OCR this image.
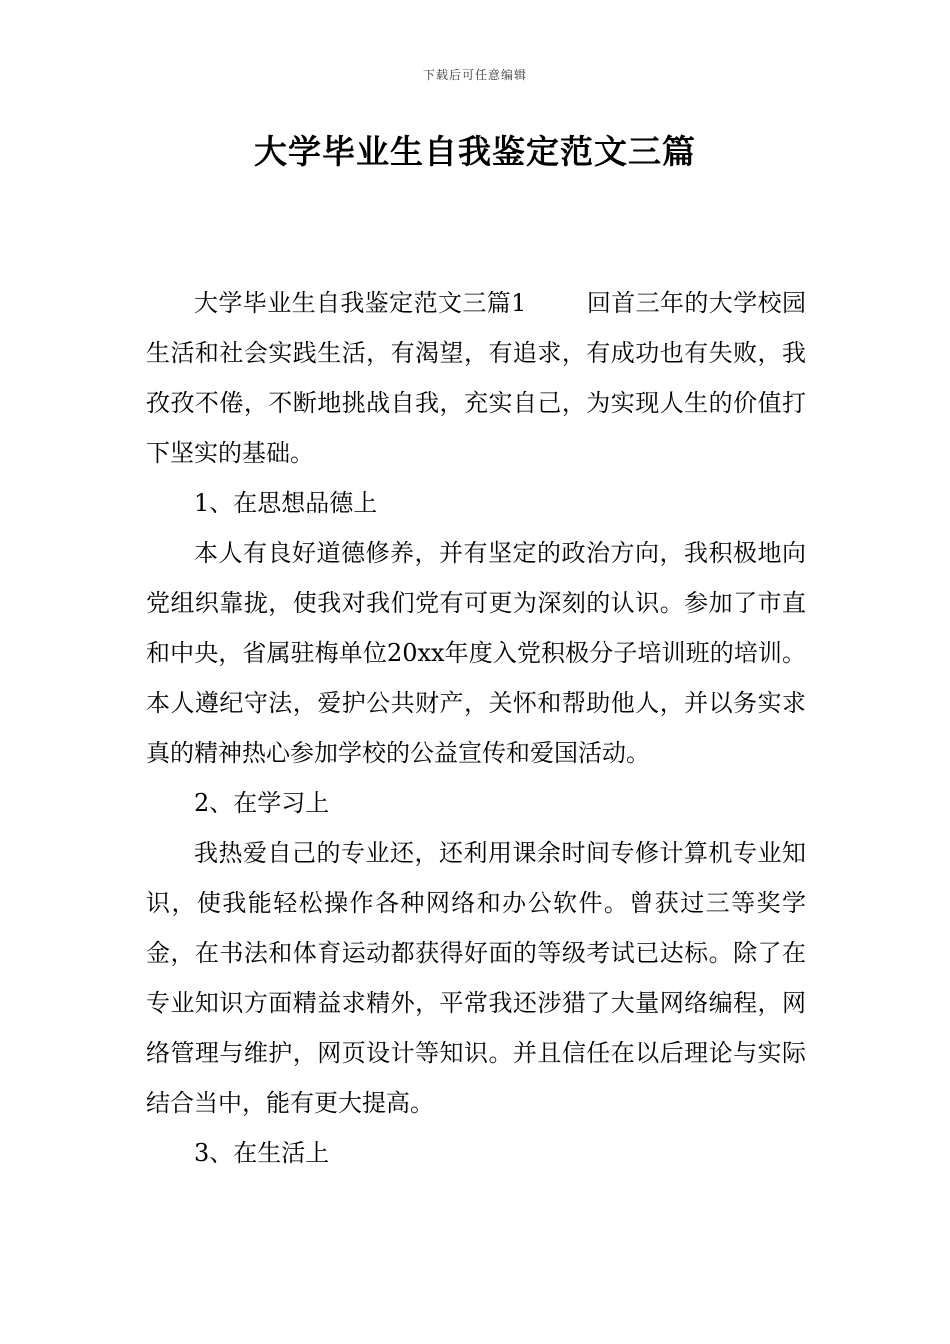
下载后可任意编辑
大学毕业生自我鉴定范文三篇

大学毕业生自我鉴定范文三篇1	回首三年的大学校园生活和社会实践生活，有渴望，有追求，有成功也有失败，我孜孜不倦，不断地挑战自我，充实自己，为实现人生的价值打下坚实的基础。

1、在思想品德上

本人有良好道德修养，并有坚定的政治方向，我积极地向党组织靠拢，使我对我们党有可更为深刻的认识。参加了市直和中央，省属驻梅单位20xx年度入党积极分子培训班的培训。本人遵纪守法，爱护公共财产，关怀和帮助他人，并以务实求真的精神热心参加学校的公益宣传和爱国活动。

2、在学习上

我热爱自己的专业还，还利用课余时间专修计算机专业知识，使我能轻松操作各种网络和办公软件。曾获过三等奖学金，在书法和体育运动都获得好面的等级考试已达标。除了在专业知识方面精益求精外，平常我还涉猎了大量网络编程，网络管理与维护，网页设计等知识。并且信任在以后理论与实际结合当中，能有更大提高。

3、在生活上
